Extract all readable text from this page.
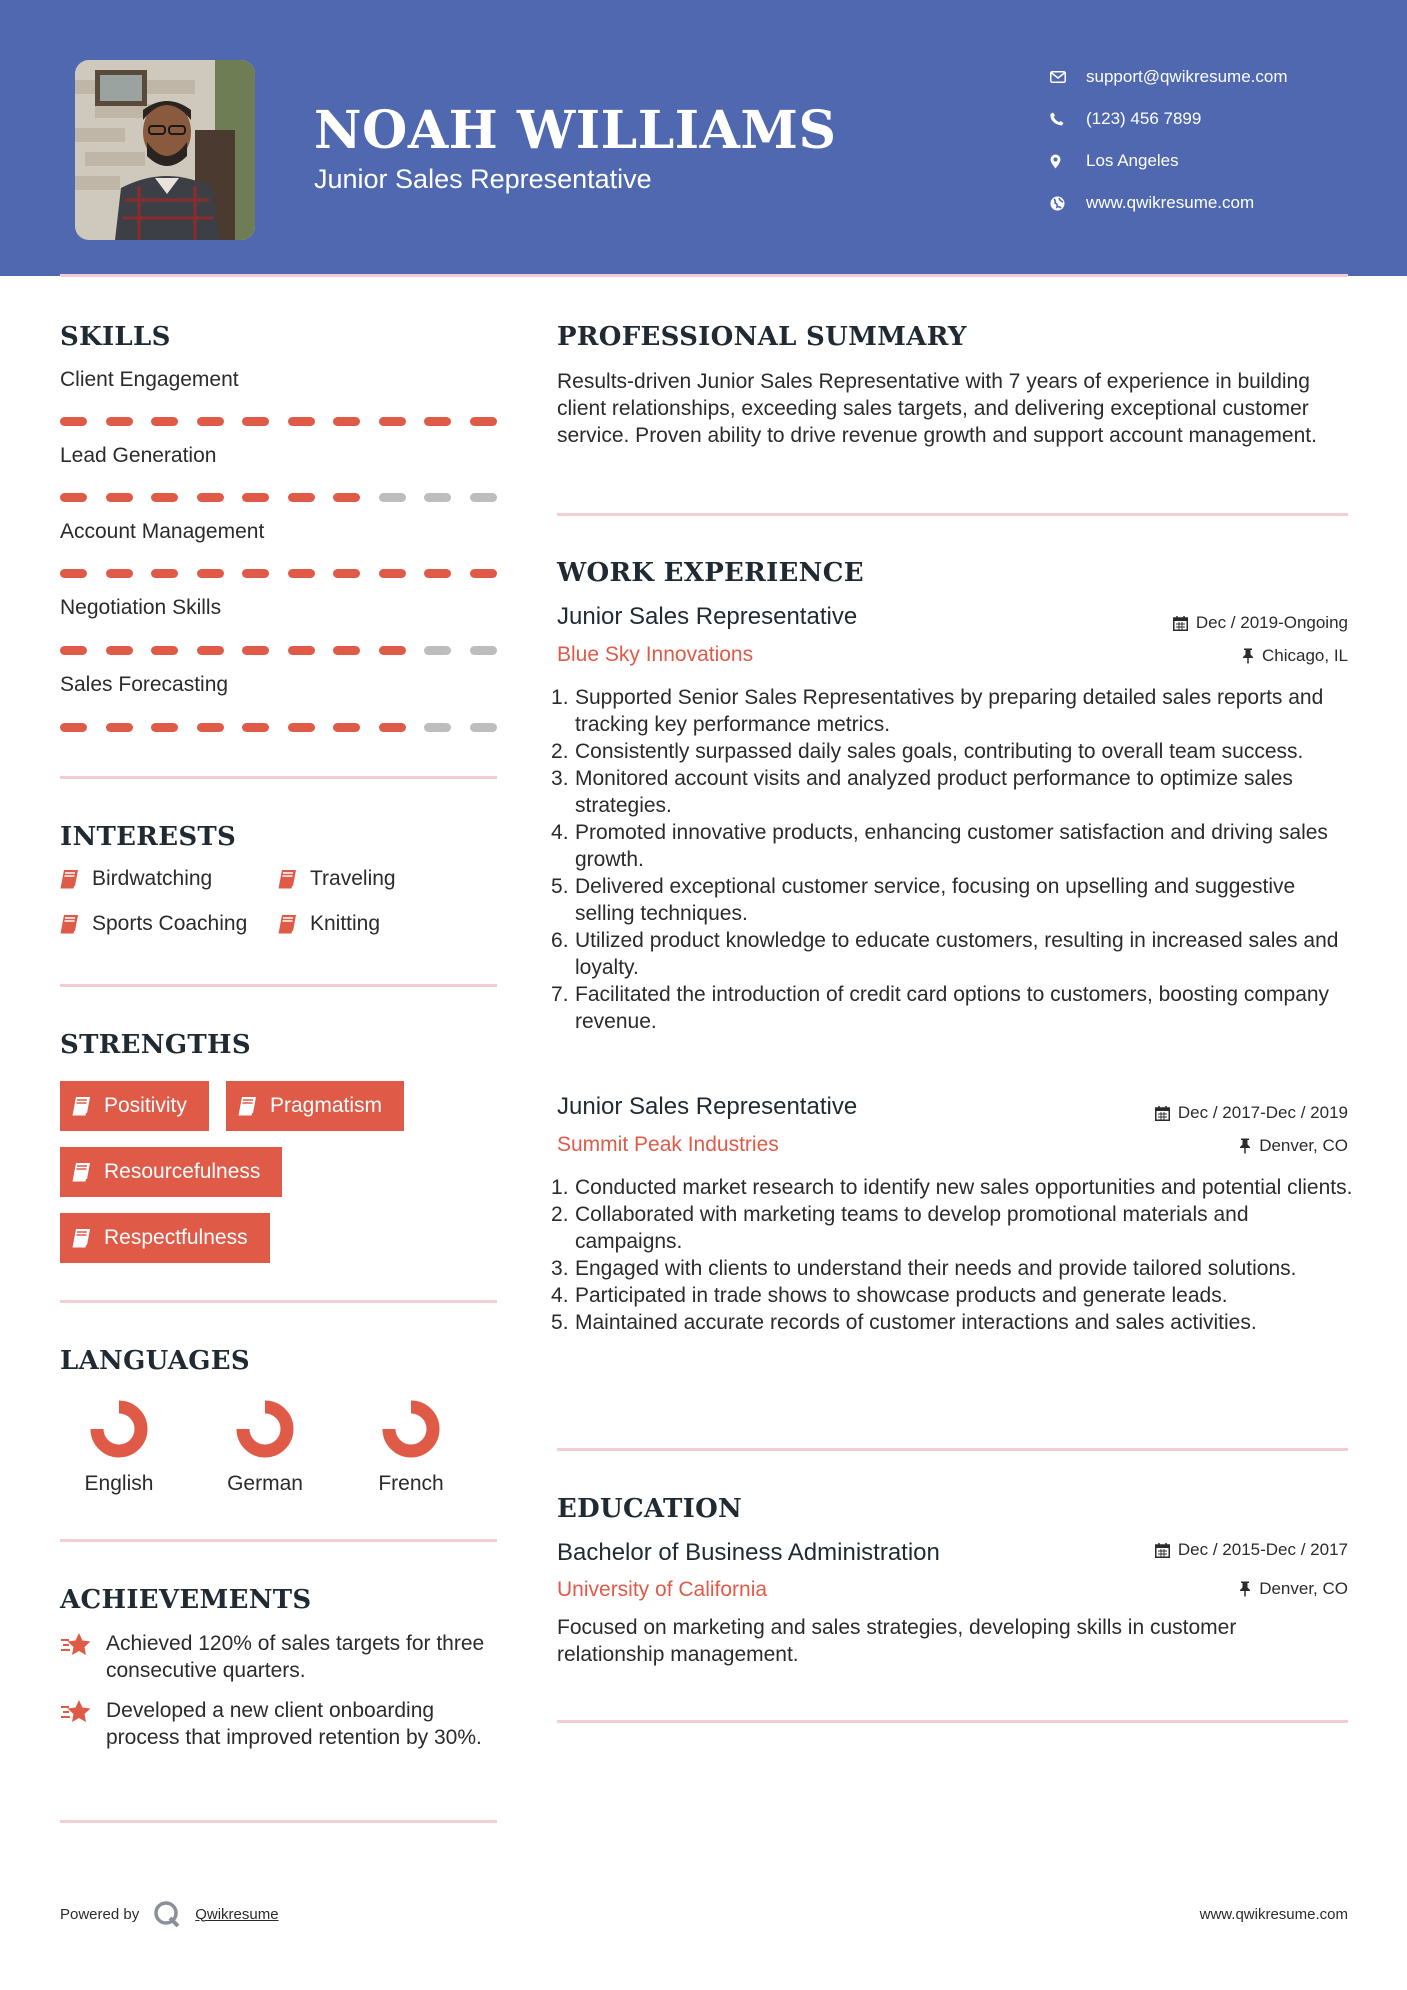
NOAH WILLIAMS
Junior Sales Representative
support@qwikresume.com
(123) 456 7899
Los Angeles
www.qwikresume.com
SKILLS
Client Engagement
Lead Generation
Account Management
Negotiation Skills
Sales Forecasting
INTERESTS
Birdwatching	Traveling
Sports Coaching	Knitting
STRENGTHS
Positivity	Pragmatism
Resourcefulness
Respectfulness
LANGUAGES
English	German	French
ACHIEVEMENTS
Achieved 120% of sales targets for three consecutive quarters.
Developed a new client onboarding process that improved retention by 30%.
PROFESSIONAL SUMMARY
Results-driven Junior Sales Representative with 7 years of experience in building client relationships, exceeding sales targets, and delivering exceptional customer service. Proven ability to drive revenue growth and support account management.
WORK EXPERIENCE
Junior Sales Representative	Dec / 2019-Ongoing
Blue Sky Innovations	Chicago, IL
Supported Senior Sales Representatives by preparing detailed sales reports and tracking key performance metrics.
Consistently surpassed daily sales goals, contributing to overall team success.
Monitored account visits and analyzed product performance to optimize sales strategies.
Promoted innovative products, enhancing customer satisfaction and driving sales growth.
Delivered exceptional customer service, focusing on upselling and suggestive selling techniques.
Utilized product knowledge to educate customers, resulting in increased sales and loyalty.
Facilitated the introduction of credit card options to customers, boosting company revenue.
Junior Sales Representative	Dec / 2017-Dec / 2019
Summit Peak Industries	Denver, CO
Conducted market research to identify new sales opportunities and potential clients.
Collaborated with marketing teams to develop promotional materials and campaigns.
Engaged with clients to understand their needs and provide tailored solutions.
Participated in trade shows to showcase products and generate leads.
Maintained accurate records of customer interactions and sales activities.
EDUCATION
Bachelor of Business Administration	Dec / 2015-Dec / 2017
University of California	Denver, CO
Focused on marketing and sales strategies, developing skills in customer relationship management.
Powered by	Qwikresume	www.qwikresume.com
